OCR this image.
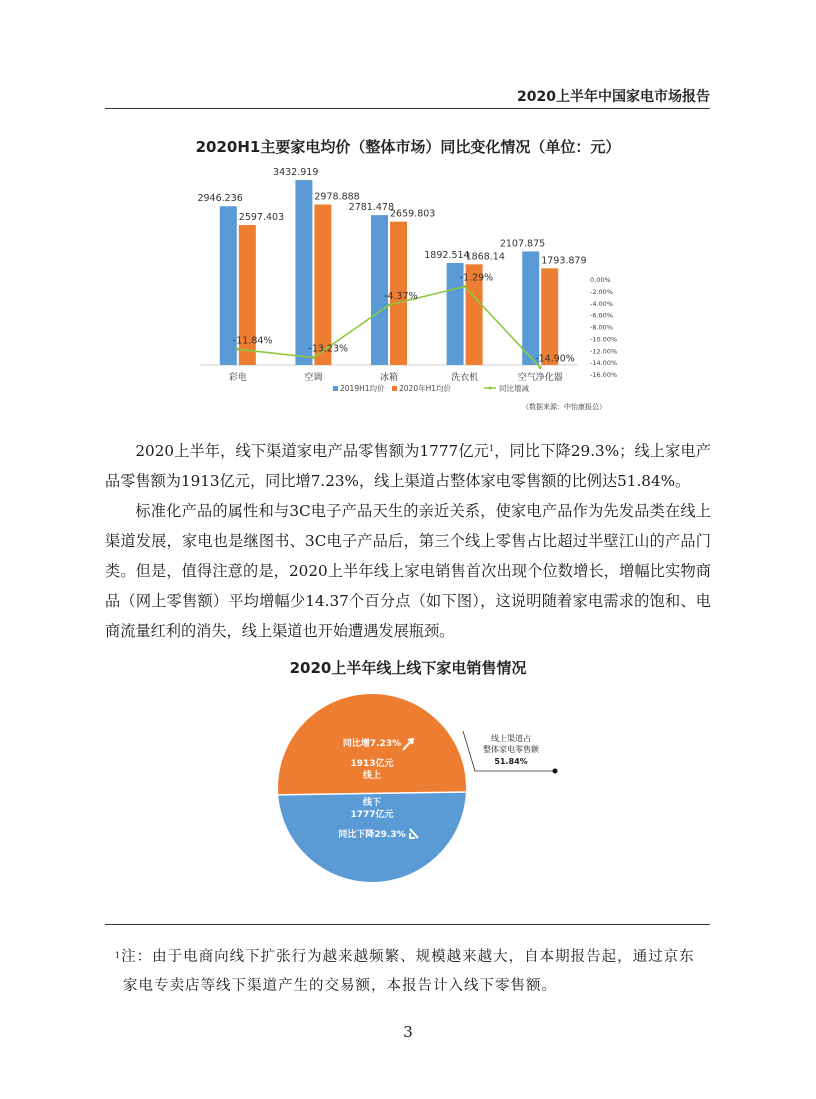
2020上半年中国家电市场报告
2020H1主要家电均价（整体市场）同比变化情况（单位：元）
2946.236
2597.403
彩电
3432.919
2978.888
空调
2781.478
2659.803
冰箱
1892.514
1868.14
洗衣机
2107.875
1793.879
空气净化器
-11.84%
-13.23%
-4.37%
-1.29%
-14.90%
0.00%
-2.00%
-4.00%
-6.00%
-8.00%
-10.00%
-12.00%
-14.00%
-16.00%
2019H1均价 2020年H1均价	同比增减
（数据来源：中怡康报总）

2020上半年，线下渠道家电产品零售额为1777亿元$^1$，同比下降29.3%；线上家电产品零售额为1913亿元，同比增7.23%，线上渠道占整体家电零售额的比例达51.84%。

标准化产品的属性和与3C电子产品天生的亲近关系，使家电产品作为先发品类在线上渠道发展，家电也是继图书、3C电子产品后，第三个线上零售占比超过半壁江山的产品门类。但是，值得注意的是，2020上半年线上家电销售首次出现个位数增长，增幅比实物商品（网上零售额）平均增幅少14.37个百分点（如下图），这说明随着家电需求的饱和、电商流量红利的消失，线上渠道也开始遭遇发展瓶颈。

2020上半年线上线下家电销售情况
同比增7.23%
1913亿元
线上
线下
1777亿元
同比下降29.3%
线上渠道占
整体家电零售额
51.84%

$^1$注：由于电商向线下扩张行为越来越频繁、规模越来越大，自本期报告起，通过京东家电专卖店等线下渠道产生的交易额，本报告计入线下零售额。

3
